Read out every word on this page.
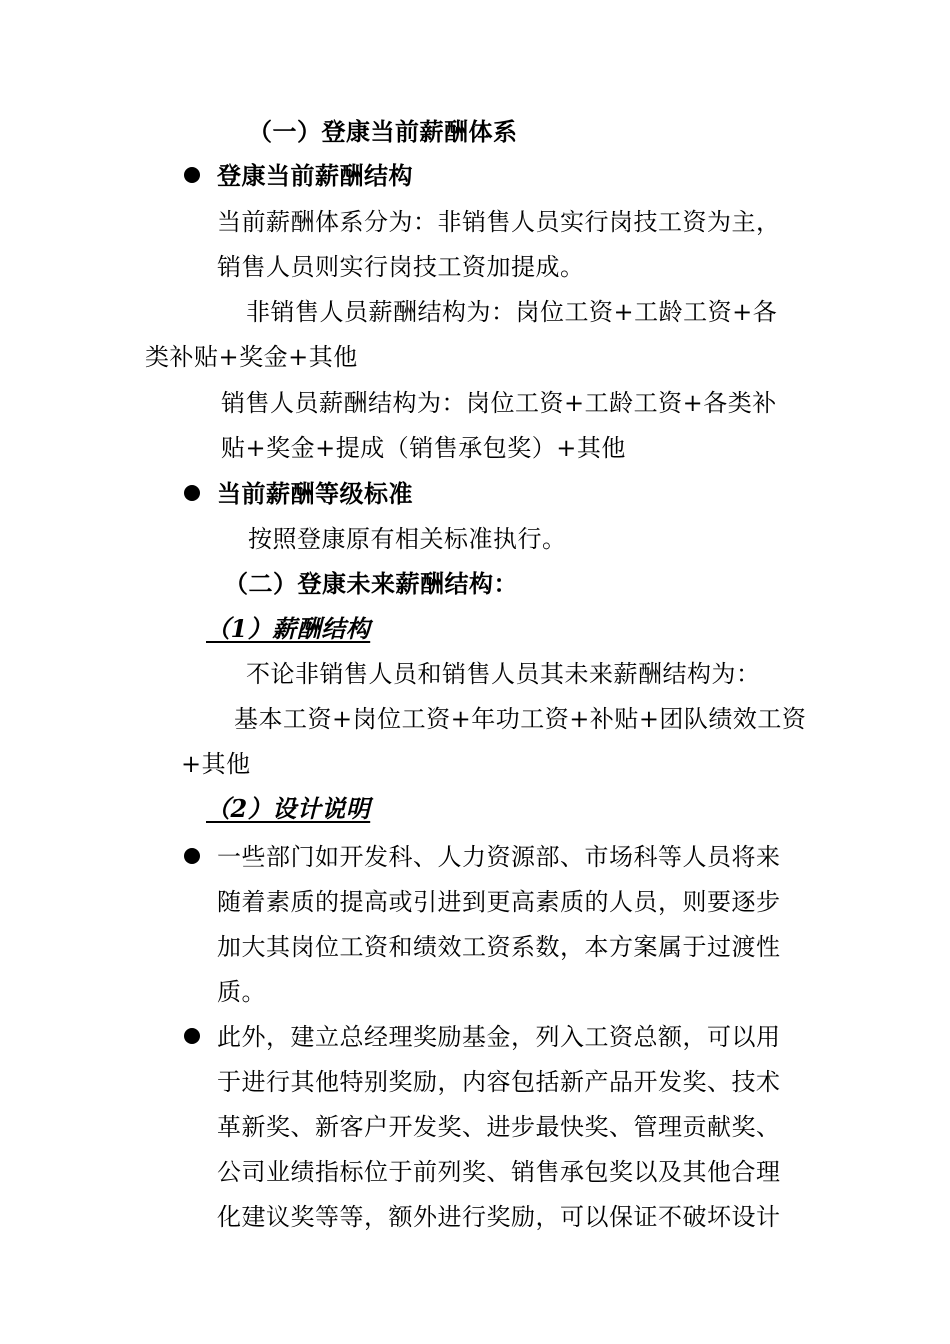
（一）登康当前薪酬体系
登康当前薪酬结构
当前薪酬体系分为：非销售人员实行岗技工资为主，
销售人员则实行岗技工资加提成。
非销售人员薪酬结构为：岗位工资+工龄工资+各
类补贴+奖金+其他
销售人员薪酬结构为：岗位工资+工龄工资+各类补
贴+奖金+提成（销售承包奖）+其他
当前薪酬等级标准
按照登康原有相关标准执行。
（二）登康未来薪酬结构：
（1）薪酬结构
不论非销售人员和销售人员其未来薪酬结构为：
基本工资+岗位工资+年功工资+补贴+团队绩效工资
+其他
（2）设计说明
一些部门如开发科、人力资源部、市场科等人员将来
随着素质的提高或引进到更高素质的人员，则要逐步
加大其岗位工资和绩效工资系数，本方案属于过渡性
质。
此外，建立总经理奖励基金，列入工资总额，可以用
于进行其他特别奖励，内容包括新产品开发奖、技术
革新奖、新客户开发奖、进步最快奖、管理贡献奖、
公司业绩指标位于前列奖、销售承包奖以及其他合理
化建议奖等等，额外进行奖励，可以保证不破坏设计
